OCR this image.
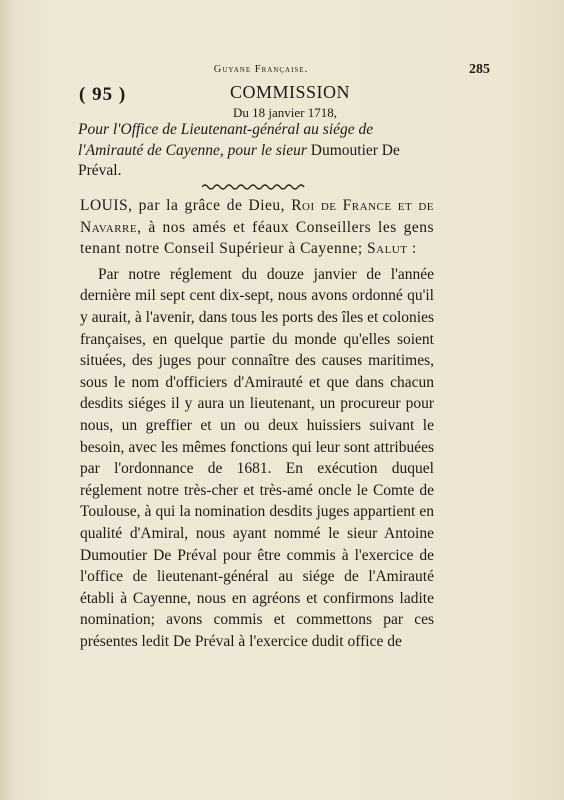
Guyane Française.	285
( 95 )	COMMISSION
Du 18 janvier 1718,
Pour l'Office de Lieutenant-général au siége de l'Amirauté de Cayenne, pour le sieur Dumoutier De Préval.

LOUIS, par la grâce de Dieu, Roi de France et de Navarre, à nos amés et féaux Conseillers les gens tenant notre Conseil Supérieur à Cayenne; Salut :

Par notre réglement du douze janvier de l'année dernière mil sept cent dix-sept, nous avons ordonné qu'il y aurait, à l'avenir, dans tous les ports des îles et colonies françaises, en quelque partie du monde qu'elles soient situées, des juges pour connaître des causes maritimes, sous le nom d'officiers d'Amirauté et que dans chacun desdits siéges il y aura un lieutenant, un procureur pour nous, un greffier et un ou deux huissiers suivant le besoin, avec les mêmes fonctions qui leur sont attribuées par l'ordonnance de 1681. En exécution duquel réglement notre très-cher et très-amé oncle le Comte de Toulouse, à qui la nomination desdits juges appartient en qualité d'Amiral, nous ayant nommé le sieur Antoine Dumoutier De Préval pour être commis à l'exercice de l'office de lieutenant-général au siége de l'Amirauté établi à Cayenne, nous en agréons et confirmons ladite nomination; avons commis et commettons par ces présentes ledit De Préval à l'exercice dudit office de
